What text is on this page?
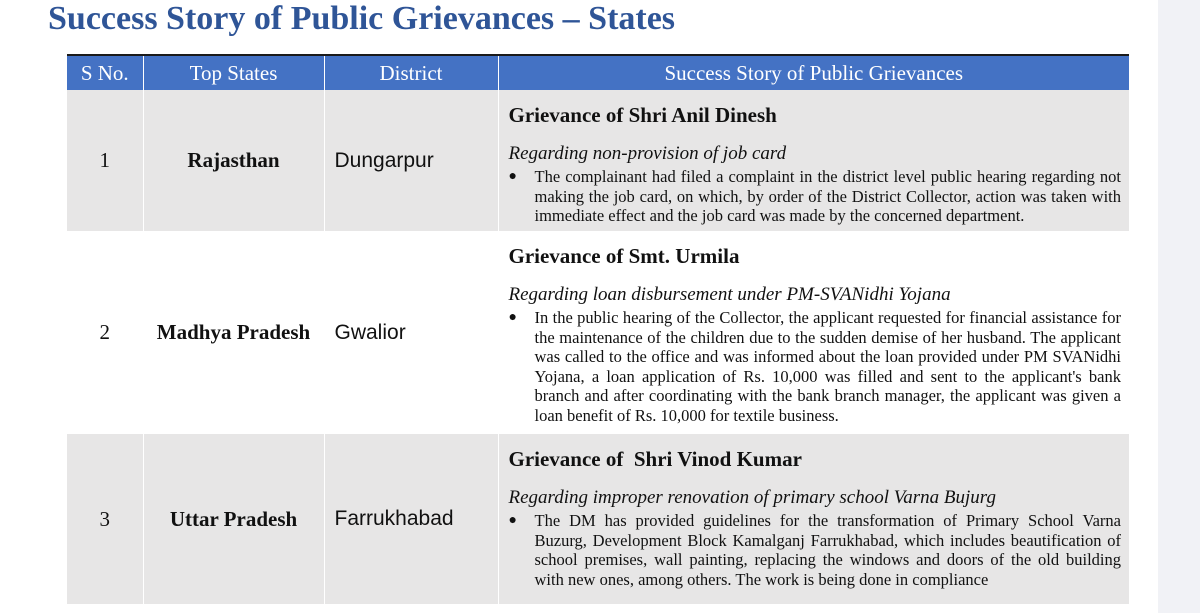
Success Story of Public Grievances – States
S No.	Top States	District	Success Story of Public Grievances
1	Rajasthan	Dungarpur	Grievance of Shri Anil Dinesh
Regarding non-provision of job card
● The complainant had filed a complaint in the district level public hearing regarding not making the job card, on which, by order of the District Collector, action was taken with immediate effect and the job card was made by the concerned department.

2	Madhya Pradesh	Gwalior	Grievance of Smt. Urmila
Regarding loan disbursement under PM-SVANidhi Yojana
● In the public hearing of the Collector, the applicant requested for financial assistance for the maintenance of the children due to the sudden demise of her husband. The applicant was called to the office and was informed about the loan provided under PM SVANidhi Yojana, a loan application of Rs. 10,000 was filled and sent to the applicant's bank branch and after coordinating with the bank branch manager, the applicant was given a loan benefit of Rs. 10,000 for textile business.

3	Uttar Pradesh	Farrukhabad	Grievance of  Shri Vinod Kumar
Regarding improper renovation of primary school Varna Bujurg
● The DM has provided guidelines for the transformation of Primary School Varna Buzurg, Development Block Kamalganj Farrukhabad, which includes beautification of school premises, wall painting, replacing the windows and doors of the old building with new ones, among others. The work is being done in compliance
